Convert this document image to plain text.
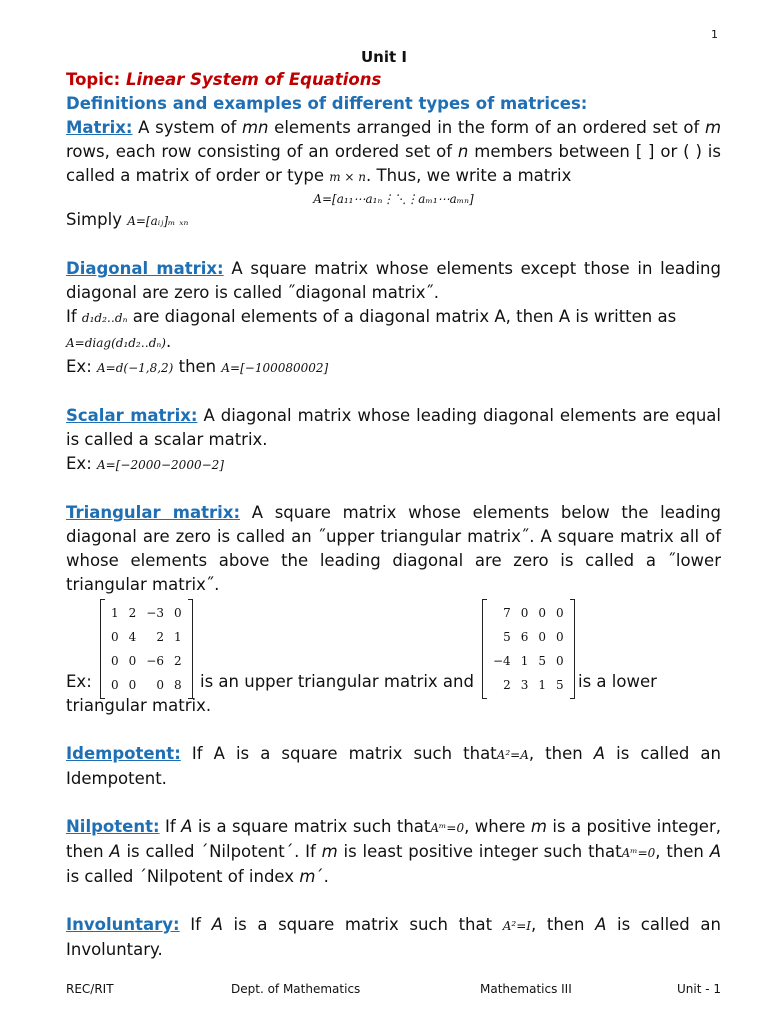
1
Unit I

Topic: Linear System of Equations

Definitions and examples of different types of matrices:

Matrix: A system of mn elements arranged in the form of an ordered set of m rows, each row consisting of an ordered set of n members between [ ] or ( ) is called a matrix of order or type m × n. Thus, we write a matrix

A=[a₁₁⋯a₁ₙ⋮⋱⋮aₘ₁⋯aₘₙ]

Simply A=[aᵢⱼ]ₘ ₓₙ

Diagonal matrix: A square matrix whose elements except those in leading diagonal are zero is called ˝diagonal matrix˝.

If d₁d₂‥dₙ are diagonal elements of a diagonal matrix A, then A is written as
A=diag(d₁d₂‥dₙ).

Ex: A=d(−1,8,2) then A=[−100080002]

Scalar matrix: A diagonal matrix whose leading diagonal elements are equal is called a scalar matrix.

Ex: A=[−2000−2000−2]

Triangular matrix: A square matrix whose elements below the leading diagonal are zero is called an ˝upper triangular matrix˝. A square matrix all of whose elements above the leading diagonal are zero is called a ˝lower triangular matrix˝.

Ex:
1	2	−3	0
0	4	2	1
0	0	−6	2
0	0	0	8 is an upper triangular matrix and
7	0	0	0
5	6	0	0
−4	1	5	0
2	3	1	5 is a lower

triangular matrix.

Idempotent: If A is a square matrix such thatA²=A, then A is called an Idempotent.

Nilpotent: If A is a square matrix such thatAᵐ=0, where m is a positive integer, then A is called ˊNilpotentˊ. If m is least positive integer such thatAᵐ=0, then A is called ˊNilpotent of index mˊ.

Involuntary: If A is a square matrix such that A²=I, then A is called an Involuntary.

REC/RIT	Dept. of Mathematics	Mathematics III	Unit - 1
